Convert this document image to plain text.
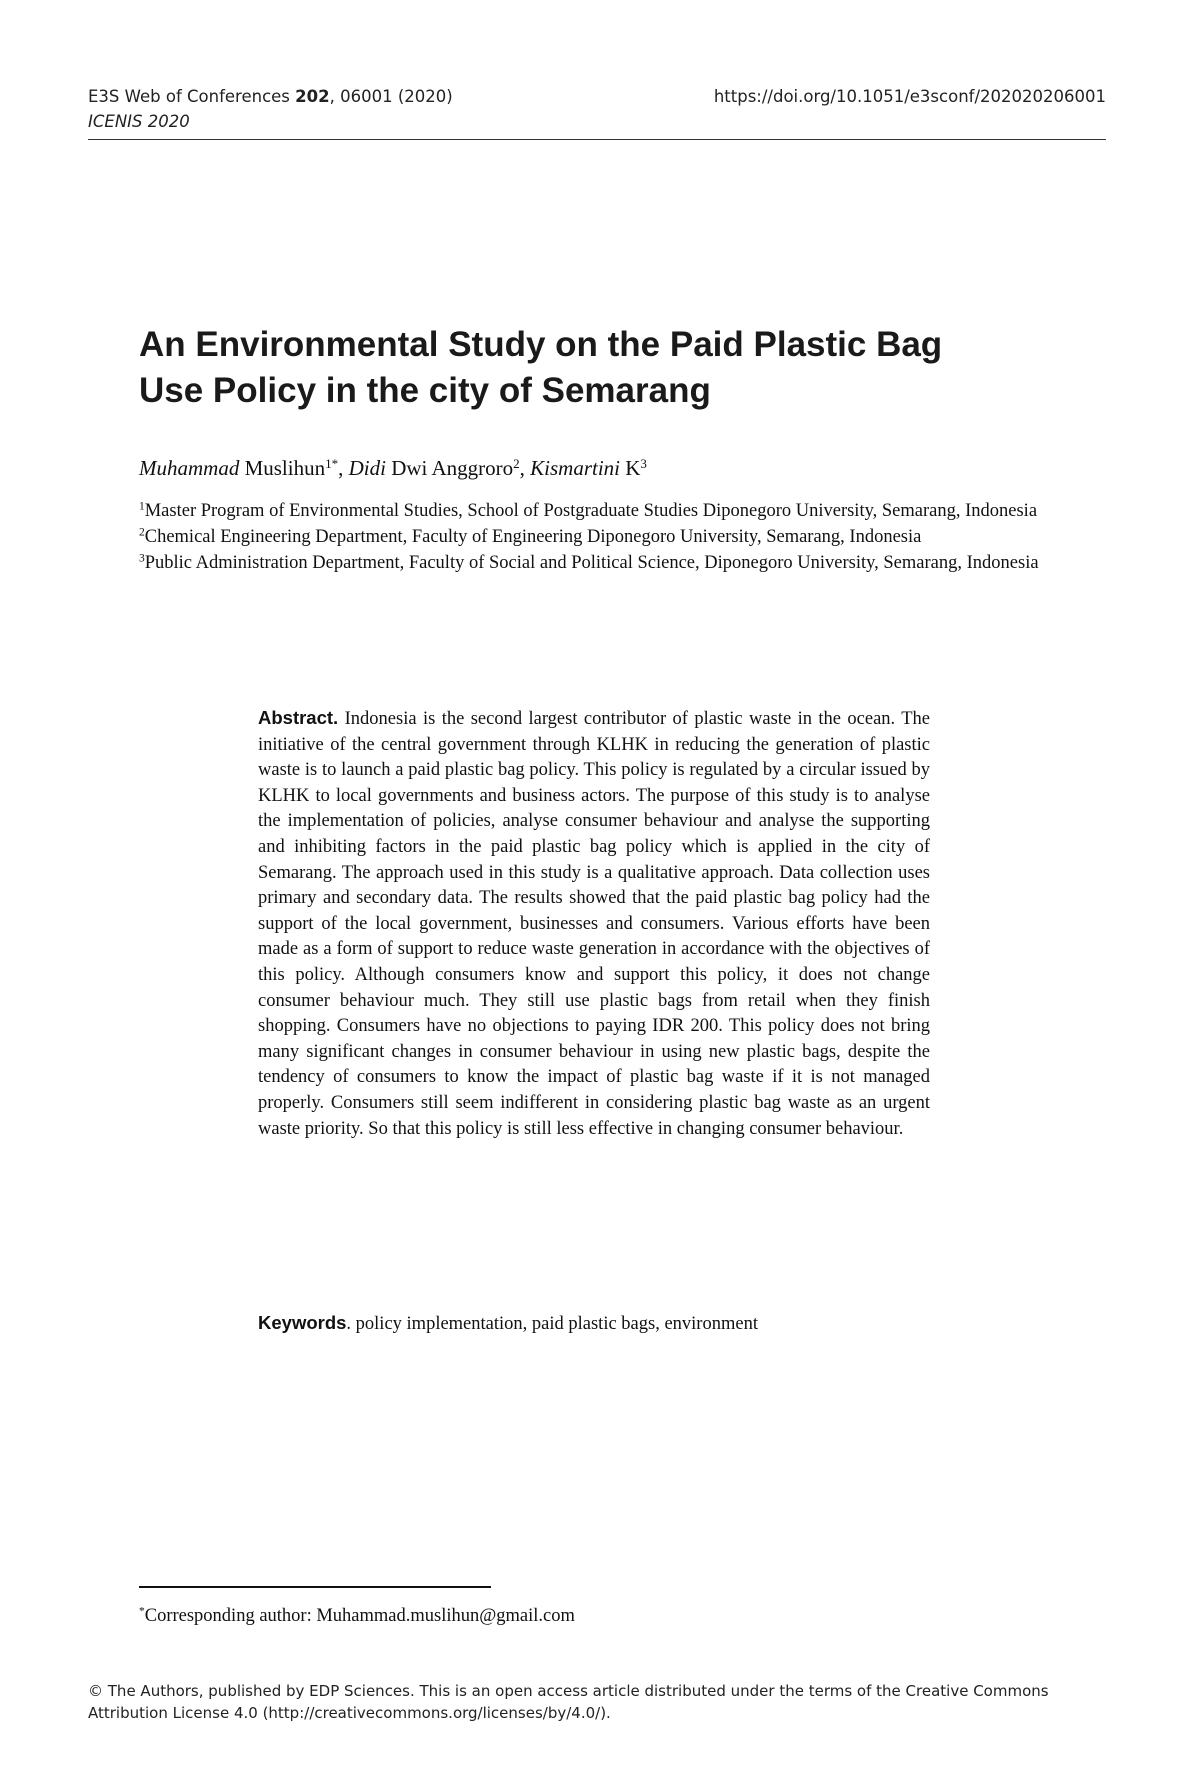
E3S Web of Conferences 202, 06001 (2020)	https://doi.org/10.1051/e3sconf/202020206001
ICENIS 2020
An Environmental Study on the Paid Plastic Bag
Use Policy in the city of Semarang
Muhammad Muslihun$^{1*}$, Didi Dwi Anggroro$^2$, Kismartini $K^3$

$^1$Master Program of Environmental Studies, School of Postgraduate Studies Diponegoro University, Semarang, Indonesia

$^2$Chemical Engineering Department, Faculty of Engineering Diponegoro University, Semarang, Indonesia

$^3$Public Administration Department, Faculty of Social and Political Science, Diponegoro University, Semarang, Indonesia

Abstract. Indonesia is the second largest contributor of plastic waste in the ocean. The initiative of the central government through KLHK in reducing the generation of plastic waste is to launch a paid plastic bag policy. This policy is regulated by a circular issued by KLHK to local governments and business actors. The purpose of this study is to analyse the implementation of policies, analyse consumer behaviour and analyse the supporting and inhibiting factors in the paid plastic bag policy which is applied in the city of Semarang. The approach used in this study is a qualitative approach. Data collection uses primary and secondary data. The results showed that the paid plastic bag policy had the support of the local government, businesses and consumers. Various efforts have been made as a form of support to reduce waste generation in accordance with the objectives of this policy. Although consumers know and support this policy, it does not change consumer behaviour much. They still use plastic bags from retail when they finish shopping. Consumers have no objections to paying IDR 200. This policy does not bring many significant changes in consumer behaviour in using new plastic bags, despite the tendency of consumers to know the impact of plastic bag waste if it is not managed properly. Consumers still seem indifferent in considering plastic bag waste as an urgent waste priority. So that this policy is still less effective in changing consumer behaviour.
Keywords. policy implementation, paid plastic bags, environment
*Corresponding author: Muhammad.muslihun@gmail.com
© The Authors, published by EDP Sciences. This is an open access article distributed under the terms of the Creative Commons
Attribution License 4.0 (http://creativecommons.org/licenses/by/4.0/).
